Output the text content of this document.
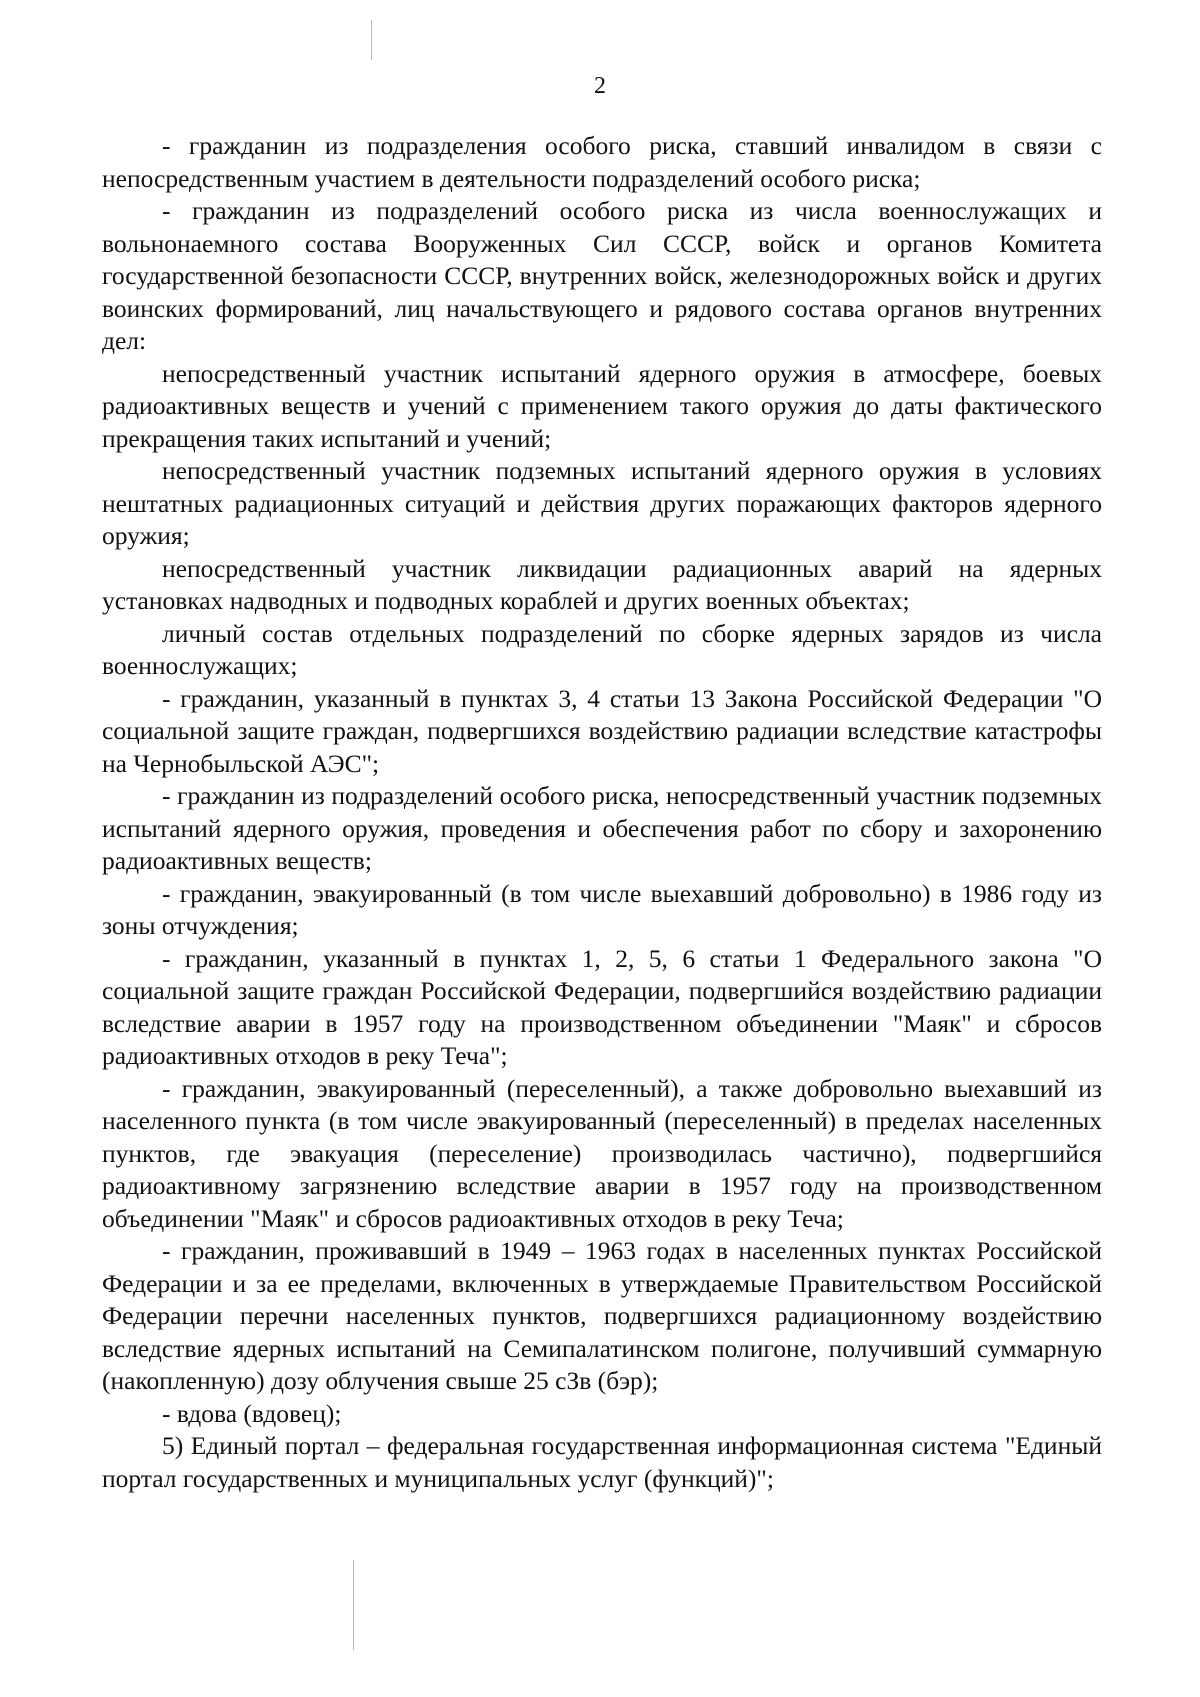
2

- гражданин из подразделения особого риска, ставший инвалидом в связи с непосредственным участием в деятельности подразделений особого риска;

- гражданин из подразделений особого риска из числа военнослужащих и вольнонаемного состава Вооруженных Сил СССР, войск и органов Комитета государственной безопасности СССР, внутренних войск, железнодорожных войск и других воинских формирований, лиц начальствующего и рядового состава органов внутренних дел:

непосредственный участник испытаний ядерного оружия в атмосфере, боевых радиоактивных веществ и учений с применением такого оружия до даты фактического прекращения таких испытаний и учений;

непосредственный участник подземных испытаний ядерного оружия в условиях нештатных радиационных ситуаций и действия других поражающих факторов ядерного оружия;

непосредственный участник ликвидации радиационных аварий на ядерных установках надводных и подводных кораблей и других военных объектах;

личный состав отдельных подразделений по сборке ядерных зарядов из числа военнослужащих;

- гражданин, указанный в пунктах 3, 4 статьи 13 Закона Российской Федерации "О социальной защите граждан, подвергшихся воздействию радиации вследствие катастрофы на Чернобыльской АЭС";

- гражданин из подразделений особого риска, непосредственный участник подземных испытаний ядерного оружия, проведения и обеспечения работ по сбору и захоронению радиоактивных веществ;

- гражданин, эвакуированный (в том числе выехавший добровольно) в 1986 году из зоны отчуждения;

- гражданин, указанный в пунктах 1, 2, 5, 6 статьи 1 Федерального закона "О социальной защите граждан Российской Федерации, подвергшийся воздействию радиации вследствие аварии в 1957 году на производственном объединении "Маяк" и сбросов радиоактивных отходов в реку Теча";

- гражданин, эвакуированный (переселенный), а также добровольно выехавший из населенного пункта (в том числе эвакуированный (переселенный) в пределах населенных пунктов, где эвакуация (переселение) производилась частично), подвергшийся радиоактивному загрязнению вследствие аварии в 1957 году на производственном объединении "Маяк" и сбросов радиоактивных отходов в реку Теча;

- гражданин, проживавший в 1949 – 1963 годах в населенных пунктах Российской Федерации и за ее пределами, включенных в утверждаемые Правительством Российской Федерации перечни населенных пунктов, подвергшихся радиационному воздействию вследствие ядерных испытаний на Семипалатинском полигоне, получивший суммарную (накопленную) дозу облучения свыше 25 сЗв (бэр);

- вдова (вдовец);

5) Единый портал – федеральная государственная информационная система "Единый портал государственных и муниципальных услуг (функций)";
